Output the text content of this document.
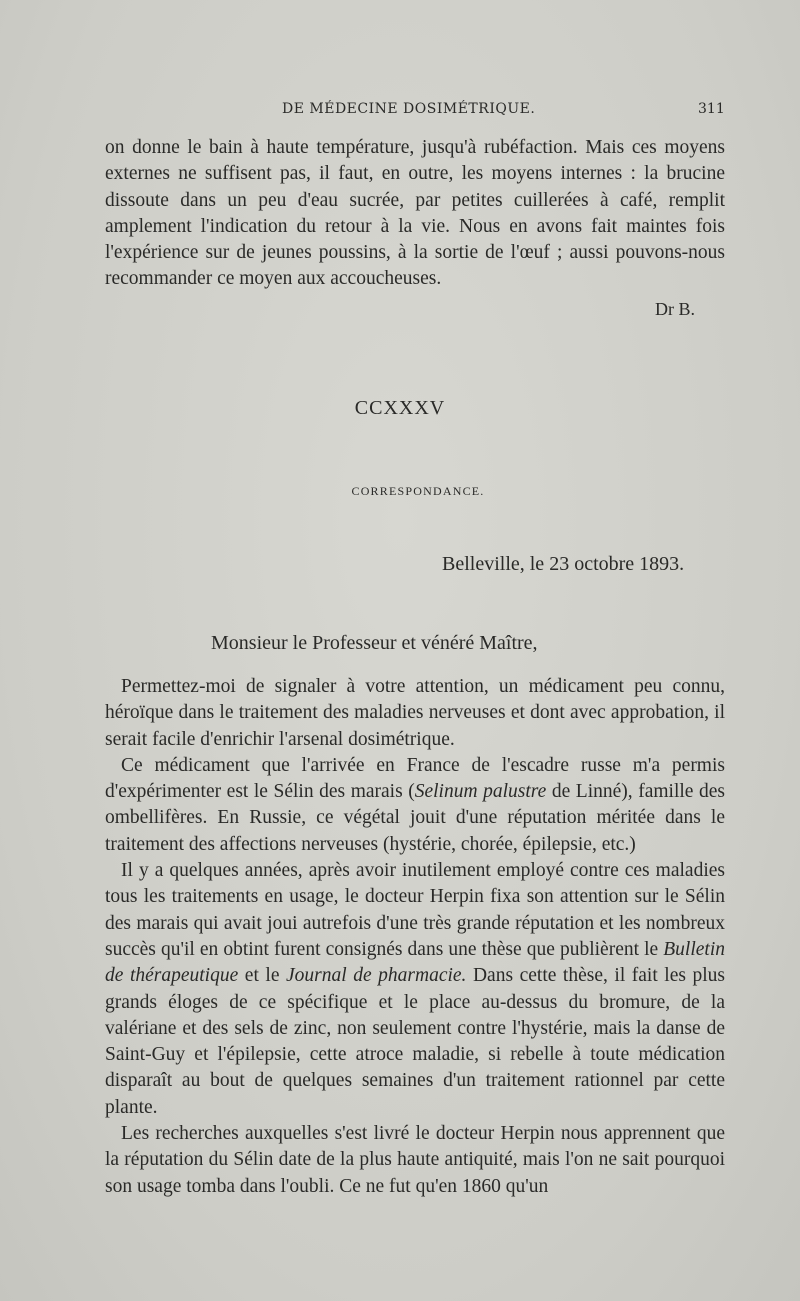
DE MÉDECINE DOSIMÉTRIQUE.	311

on donne le bain à haute température, jusqu'à rubéfaction. Mais ces moyens externes ne suffisent pas, il faut, en outre, les moyens internes : la brucine dissoute dans un peu d'eau sucrée, par petites cuillerées à café, remplit amplement l'indication du retour à la vie. Nous en avons fait maintes fois l'expérience sur de jeunes poussins, à la sortie de l'œuf ; aussi pouvons-nous recommander ce moyen aux accoucheuses.

Dr B.
CCXXXV
CORRESPONDANCE.
Belleville, le 23 octobre 1893.
Monsieur le Professeur et vénéré Maître,

Permettez-moi de signaler à votre attention, un médicament peu connu, héroïque dans le traitement des maladies nerveuses et dont avec approbation, il serait facile d'enrichir l'arsenal dosimétrique.

Ce médicament que l'arrivée en France de l'escadre russe m'a permis d'expérimenter est le Sélin des marais (Selinum palustre de Linné), famille des ombellifères. En Russie, ce végétal jouit d'une réputation méritée dans le traitement des affections nerveuses (hystérie, chorée, épilepsie, etc.)

Il y a quelques années, après avoir inutilement employé contre ces maladies tous les traitements en usage, le docteur Herpin fixa son attention sur le Sélin des marais qui avait joui autrefois d'une très grande réputation et les nombreux succès qu'il en obtint furent consignés dans une thèse que publièrent le Bulletin de thérapeutique et le Journal de pharmacie. Dans cette thèse, il fait les plus grands éloges de ce spécifique et le place au-dessus du bromure, de la valériane et des sels de zinc, non seulement contre l'hystérie, mais la danse de Saint-Guy et l'épilepsie, cette atroce maladie, si rebelle à toute médication disparaît au bout de quelques semaines d'un traitement rationnel par cette plante.

Les recherches auxquelles s'est livré le docteur Herpin nous apprennent que la réputation du Sélin date de la plus haute antiquité, mais l'on ne sait pourquoi son usage tomba dans l'oubli. Ce ne fut qu'en 1860 qu'un
